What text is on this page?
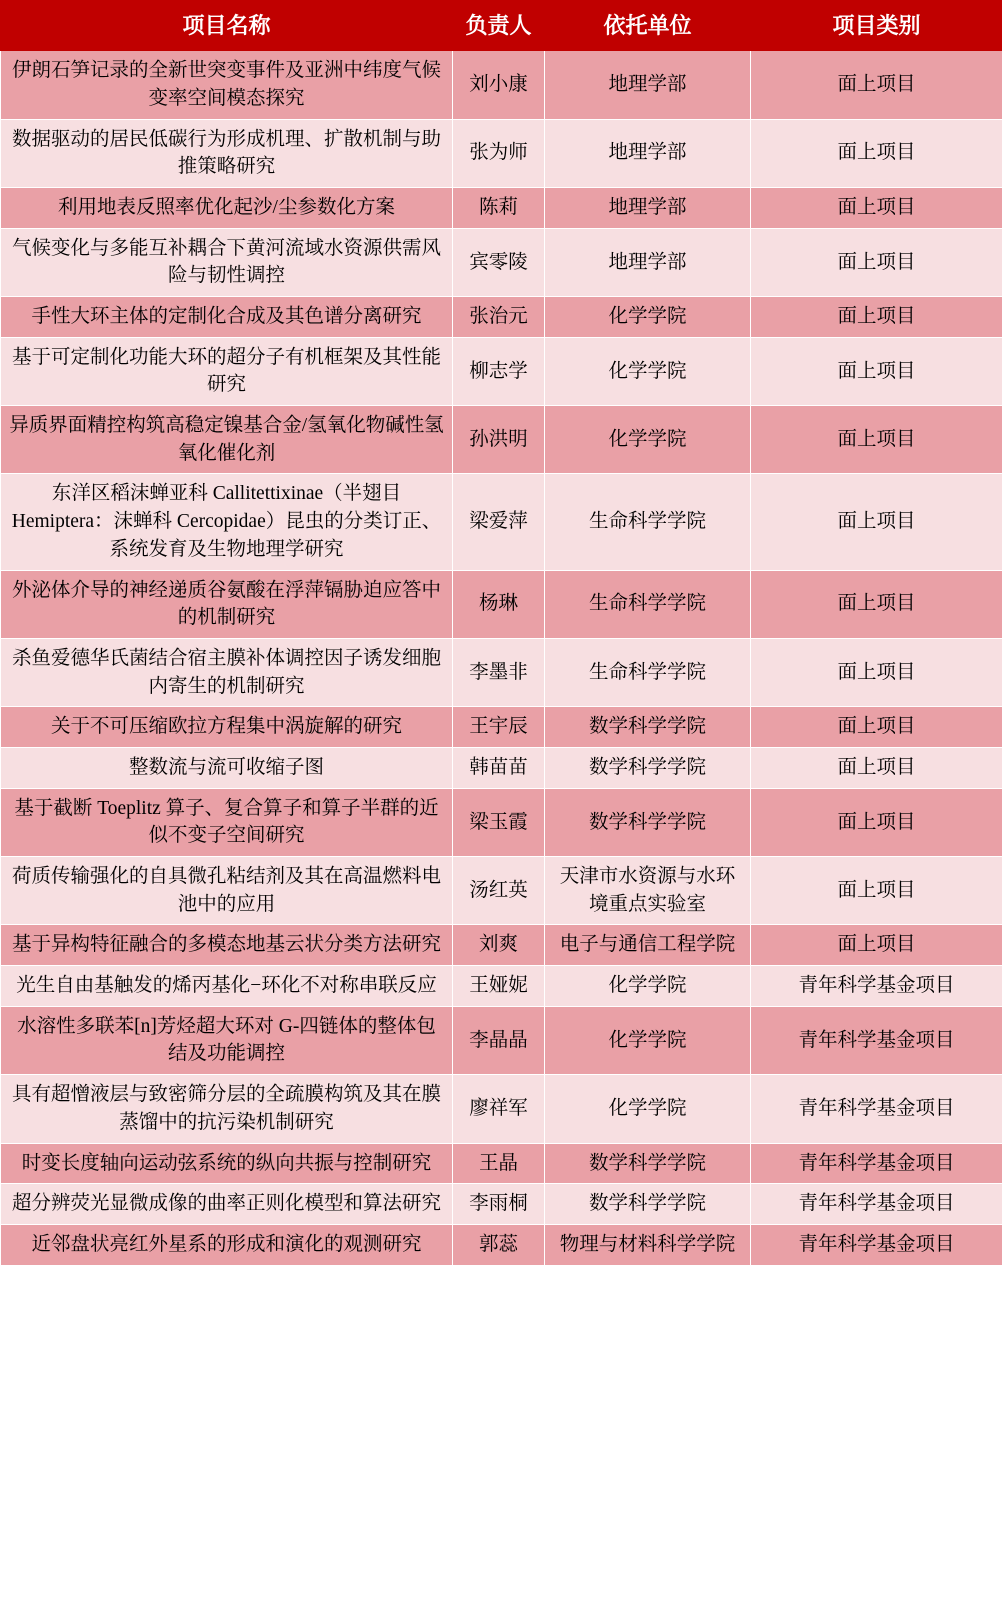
项目名称	负责人	依托单位	项目类别
伊朗石笋记录的全新世突变事件及亚洲中纬度气候变率空间模态探究	刘小康	地理学部	面上项目
数据驱动的居民低碳行为形成机理、扩散机制与助推策略研究	张为师	地理学部	面上项目
利用地表反照率优化起沙/尘参数化方案	陈莉	地理学部	面上项目
气候变化与多能互补耦合下黄河流域水资源供需风险与韧性调控	宾零陵	地理学部	面上项目
手性大环主体的定制化合成及其色谱分离研究	张治元	化学学院	面上项目
基于可定制化功能大环的超分子有机框架及其性能研究	柳志学	化学学院	面上项目
异质界面精控构筑高稳定镍基合金/氢氧化物碱性氢氧化催化剂	孙洪明	化学学院	面上项目
东洋区稻沫蝉亚科 Callitettixinae（半翅目 Hemiptera：沫蝉科 Cercopidae）昆虫的分类订正、系统发育及生物地理学研究	梁爱萍	生命科学学院	面上项目
外泌体介导的神经递质谷氨酸在浮萍镉胁迫应答中的机制研究	杨琳	生命科学学院	面上项目
杀鱼爱德华氏菌结合宿主膜补体调控因子诱发细胞内寄生的机制研究	李墨非	生命科学学院	面上项目
关于不可压缩欧拉方程集中涡旋解的研究	王宇辰	数学科学学院	面上项目
整数流与流可收缩子图	韩苗苗	数学科学学院	面上项目
基于截断 Toeplitz 算子、复合算子和算子半群的近似不变子空间研究	梁玉霞	数学科学学院	面上项目
荷质传输强化的自具微孔粘结剂及其在高温燃料电池中的应用	汤红英	天津市水资源与水环境重点实验室	面上项目
基于异构特征融合的多模态地基云状分类方法研究	刘爽	电子与通信工程学院	面上项目
光生自由基触发的烯丙基化−环化不对称串联反应	王娅妮	化学学院	青年科学基金项目
水溶性多联苯[n]芳烃超大环对 G-四链体的整体包结及功能调控	李晶晶	化学学院	青年科学基金项目
具有超憎液层与致密筛分层的全疏膜构筑及其在膜蒸馏中的抗污染机制研究	廖祥军	化学学院	青年科学基金项目
时变长度轴向运动弦系统的纵向共振与控制研究	王晶	数学科学学院	青年科学基金项目
超分辨荧光显微成像的曲率正则化模型和算法研究	李雨桐	数学科学学院	青年科学基金项目
近邻盘状亮红外星系的形成和演化的观测研究	郭蕊	物理与材料科学学院	青年科学基金项目
